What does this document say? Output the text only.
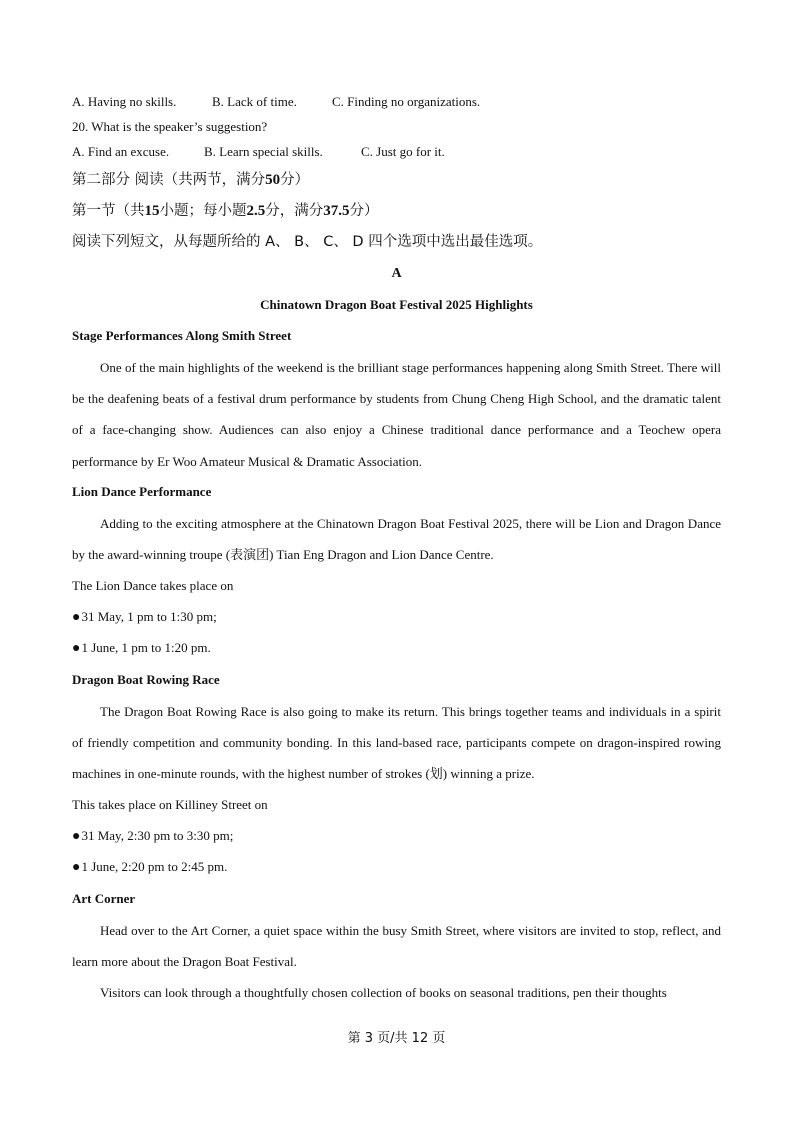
A. Having no skills.	B. Lack of time.	C. Finding no organizations.
20. What is the speaker’s suggestion?
A. Find an excuse.	B. Learn special skills.	C. Just go for it.
第二部分 阅读（共两节，满分50分）
第一节（共15小题；每小题2.5分，满分37.5分）
阅读下列短文，从每题所给的 A、 B、 C、 D 四个选项中选出最佳选项。
A
Chinatown Dragon Boat Festival 2025 Highlights
Stage Performances Along Smith Street
One of the main highlights of the weekend is the brilliant stage performances happening along Smith Street. There will be the deafening beats of a festival drum performance by students from Chung Cheng High School, and the dramatic talent of a face-changing show. Audiences can also enjoy a Chinese traditional dance performance and a Teochew opera performance by Er Woo Amateur Musical & Dramatic Association.
Lion Dance Performance
Adding to the exciting atmosphere at the Chinatown Dragon Boat Festival 2025, there will be Lion and Dragon Dance by the award-winning troupe (表演团) Tian Eng Dragon and Lion Dance Centre.
The Lion Dance takes place on
●31 May, 1 pm to 1:30 pm;
●1 June, 1 pm to 1:20 pm.
Dragon Boat Rowing Race
The Dragon Boat Rowing Race is also going to make its return. This brings together teams and individuals in a spirit of friendly competition and community bonding. In this land-based race, participants compete on dragon-inspired rowing machines in one-minute rounds, with the highest number of strokes (划) winning a prize.
This takes place on Killiney Street on
●31 May, 2:30 pm to 3:30 pm;
●1 June, 2:20 pm to 2:45 pm.
Art Corner
Head over to the Art Corner, a quiet space within the busy Smith Street, where visitors are invited to stop, reflect, and learn more about the Dragon Boat Festival.
Visitors can look through a thoughtfully chosen collection of books on seasonal traditions, pen their thoughts
第 3 页/共 12 页
